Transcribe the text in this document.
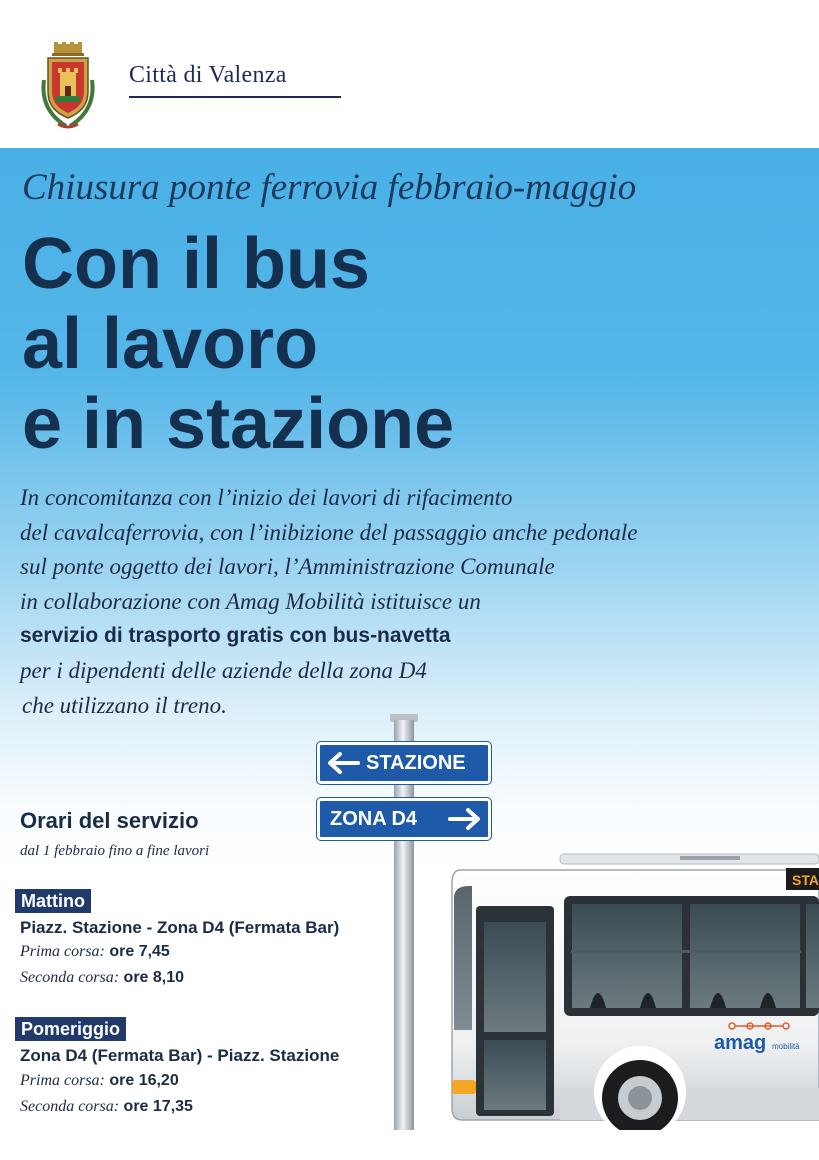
Città di Valenza
Chiusura ponte ferrovia febbraio-maggio
Con il bus
al lavoro
e in stazione
In concomitanza con l’inizio dei lavori di rifacimento
del cavalcaferrovia, con l’inibizione del passaggio anche pedonale
sul ponte oggetto dei lavori, l’Amministrazione Comunale
in collaborazione con Amag Mobilità istituisce un
servizio di trasporto gratis con bus-navetta
per i dipendenti delle aziende della zona D4
che utilizzano il treno.
STAZIONE
ZONA D4
Orari del servizio
dal 1 febbraio fino a fine lavori
Mattino
Piazz. Stazione - Zona D4 (Fermata Bar)
Prima corsa: ore 7,45
Seconda corsa: ore 8,10
Pomeriggio
Zona D4 (Fermata Bar) - Piazz. Stazione
Prima corsa: ore 16,20
Seconda corsa: ore 17,35
STA
amag mobilità
